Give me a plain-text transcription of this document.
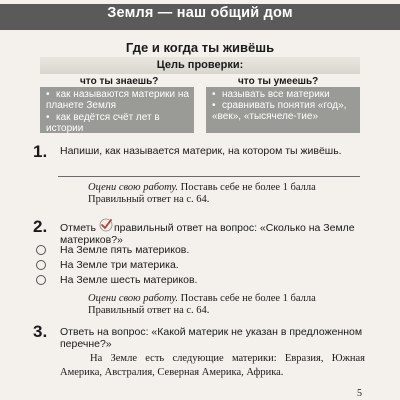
Земля — наш общий дом
Где и когда ты живёшь
Цель проверки:
что ты знаешь?	что ты умеешь?
• как называются материки на планете Земля
• как ведётся счёт лет в истории
• называть все материки
• сравнивать понятия «год», «век», «тысячеле-тие»
1. Напиши, как называется материк, на котором ты живёшь.
Оцени свою работу. Поставь себе не более 1 балла
Правильный ответ на с. 64.
2. Отметь правильный ответ на вопрос: «Сколько на Земле материков?»
На Земле пять материков.
На Земле три материка.
На Земле шесть материков.
Оцени свою работу. Поставь себе не более 1 балла
Правильный ответ на с. 64.
3. Ответь на вопрос: «Какой материк не указан в предложенном перечне?»
На Земле есть следующие материки: Евразия, Южная Америка, Австралия, Северная Америка, Африка.
5
